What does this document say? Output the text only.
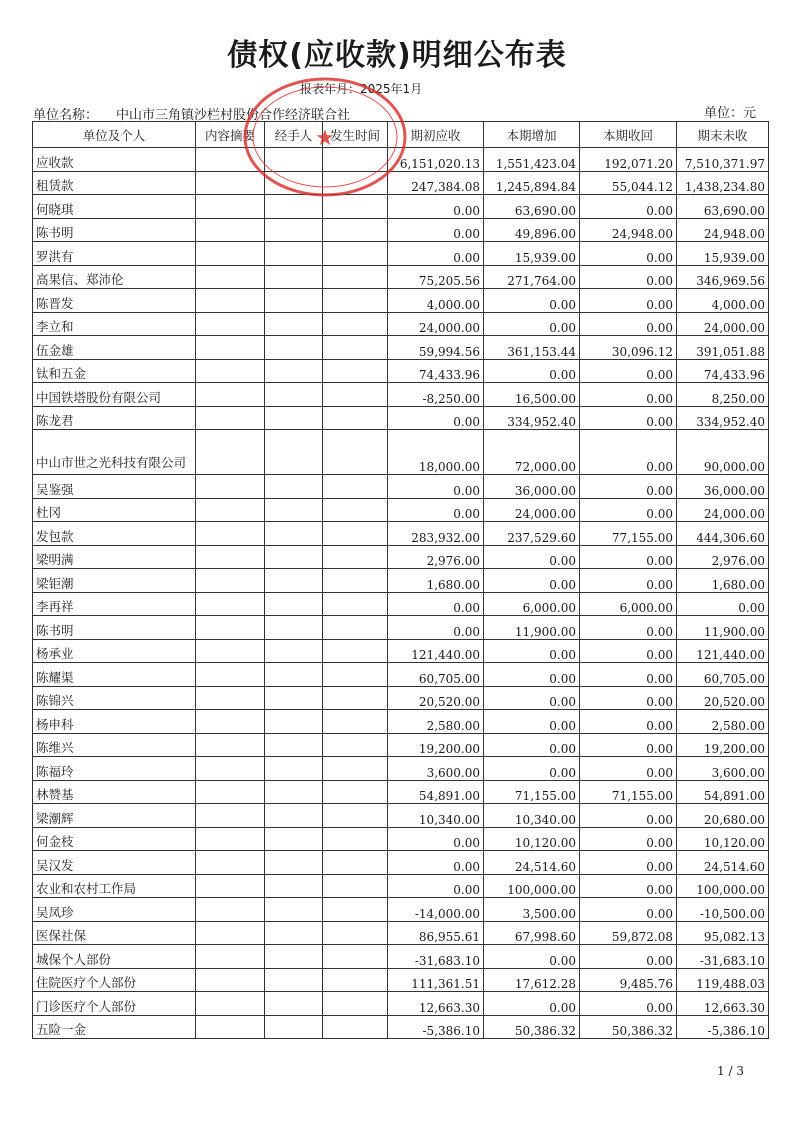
债权(应收款)明细公布表
报表年月：2025年1月
单位名称： 中山市三角镇沙栏村股份合作经济联合社	单位：元
单位及个人	内容摘要	经手人	发生时间	期初应收	本期增加	本期收回	期末未收
应收款				6,151,020.13	1,551,423.04	192,071.20	7,510,371.97
租赁款				247,384.08	1,245,894.84	55,044.12	1,438,234.80
何晓琪				0.00	63,690.00	0.00	63,690.00
陈书明				0.00	49,896.00	24,948.00	24,948.00
罗洪有				0.00	15,939.00	0.00	15,939.00
高果信、郑沛伦				75,205.56	271,764.00	0.00	346,969.56
陈晋发				4,000.00	0.00	0.00	4,000.00
李立和				24,000.00	0.00	0.00	24,000.00
伍金雄				59,994.56	361,153.44	30,096.12	391,051.88
钛和五金				74,433.96	0.00	0.00	74,433.96
中国铁塔股份有限公司				-8,250.00	16,500.00	0.00	8,250.00
陈龙君				0.00	334,952.40	0.00	334,952.40
中山市世之光科技有限公司				18,000.00	72,000.00	0.00	90,000.00
吴鉴强				0.00	36,000.00	0.00	36,000.00
杜冈				0.00	24,000.00	0.00	24,000.00
发包款				283,932.00	237,529.60	77,155.00	444,306.60
梁明满				2,976.00	0.00	0.00	2,976.00
梁钜潮				1,680.00	0.00	0.00	1,680.00
李再祥				0.00	6,000.00	6,000.00	0.00
陈书明				0.00	11,900.00	0.00	11,900.00
杨承业				121,440.00	0.00	0.00	121,440.00
陈耀渠				60,705.00	0.00	0.00	60,705.00
陈锦兴				20,520.00	0.00	0.00	20,520.00
杨申科				2,580.00	0.00	0.00	2,580.00
陈维兴				19,200.00	0.00	0.00	19,200.00
陈福玲				3,600.00	0.00	0.00	3,600.00
林赞基				54,891.00	71,155.00	71,155.00	54,891.00
梁潮辉				10,340.00	10,340.00	0.00	20,680.00
何金枝				0.00	10,120.00	0.00	10,120.00
吴汉发				0.00	24,514.60	0.00	24,514.60
农业和农村工作局				0.00	100,000.00	0.00	100,000.00
吴凤珍				-14,000.00	3,500.00	0.00	-10,500.00
医保社保				86,955.61	67,998.60	59,872.08	95,082.13
城保个人部份				-31,683.10	0.00	0.00	-31,683.10
住院医疗个人部份				111,361.51	17,612.28	9,485.76	119,488.03
门诊医疗个人部份				12,663.30	0.00	0.00	12,663.30
五险一金				-5,386.10	50,386.32	50,386.32	-5,386.10
★
1 / 3
